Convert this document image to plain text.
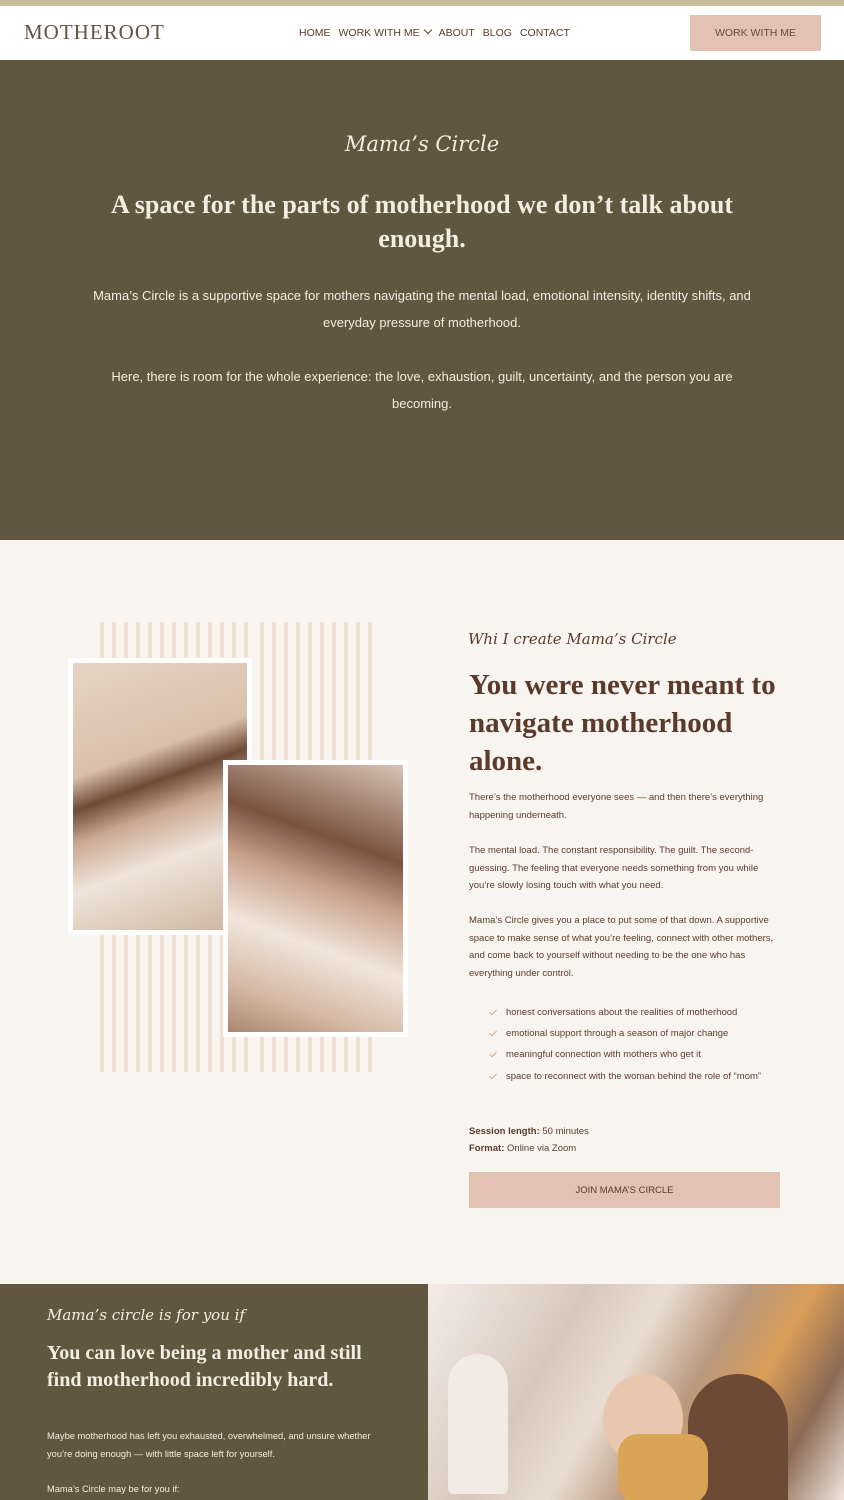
MOTHEROOT	HOME WORK WITH ME	ABOUT BLOG CONTACT	WORK WITH ME
Mama’s Circle
A space for the parts of motherhood we don’t talk about enough.

Mama’s Circle is a supportive space for mothers navigating the mental load, emotional intensity, identity shifts, and everyday pressure of motherhood.

Here, there is room for the whole experience: the love, exhaustion, guilt, uncertainty, and the person you are becoming.

Whi I create Mama’s Circle
You were never meant to navigate motherhood alone.

There’s the motherhood everyone sees — and then there’s everything happening underneath.

The mental load. The constant responsibility. The guilt. The second-guessing. The feeling that everyone needs something from you while you’re slowly losing touch with what you need.

Mama’s Circle gives you a place to put some of that down. A supportive space to make sense of what you’re feeling, connect with other mothers, and come back to yourself without needing to be the one who has everything under control.

honest conversations about the realities of motherhood
emotional support through a season of major change
meaningful connection with mothers who get it
space to reconnect with the woman behind the role of “mom”
Session length: 50 minutes
Format: Online via Zoom
JOIN MAMA’S CIRCLE
Mama’s circle is for you if
You can love being a mother and still find motherhood incredibly hard.

Maybe motherhood has left you exhausted, overwhelmed, and unsure whether you’re doing enough — with little space left for yourself.

Mama’s Circle may be for you if:
